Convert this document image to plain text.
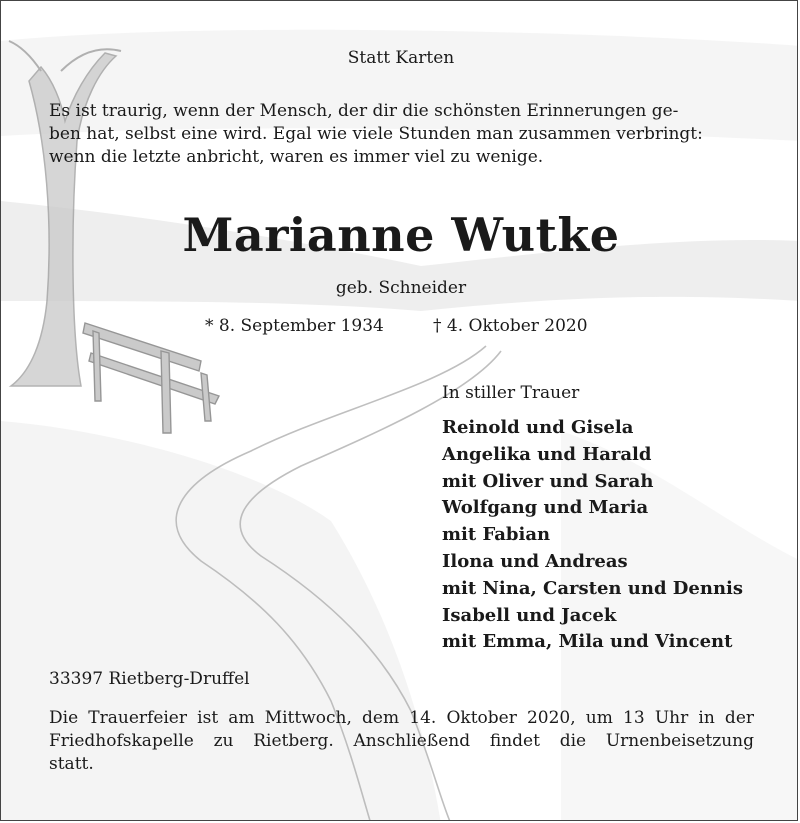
Statt Karten

Es ist traurig, wenn der Mensch, der dir die schönsten Erinnerungen ge-
ben hat, selbst eine wird. Egal wie viele Stunden man zusammen verbringt:
wenn die letzte anbricht, waren es immer viel zu wenige.

Marianne Wutke

geb. Schneider

* 8. September 1934	† 4. Oktober 2020

In stiller Trauer

Reinold und Gisela
Angelika und Harald
mit Oliver und Sarah
Wolfgang und Maria
mit Fabian
Ilona und Andreas
mit Nina, Carsten und Dennis
Isabell und Jacek
mit Emma, Mila und Vincent

33397 Rietberg-Druffel

Die Trauerfeier ist am Mittwoch, dem 14. Oktober 2020, um 13 Uhr in der
Friedhofskapelle zu Rietberg. Anschließend findet die Urnenbeisetzung
statt.
